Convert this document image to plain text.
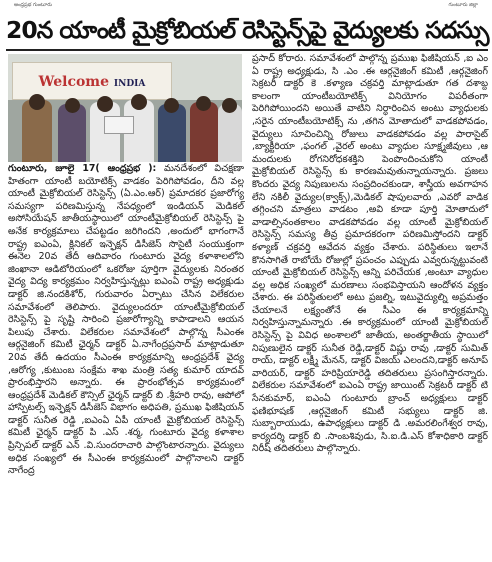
ఆంధ్రప్రభ గుంటూరు	గుంటూరు జిల్లా
20న యాంటీ మైక్రోబియల్ రెసిస్టెన్స్‌పై వైద్యులకు సదస్సు
Welcome INDIA

గుంటూరు, జూలై 17( ఆంధ్రప్రభ ): మనదేశంలో విచక్షణా హితంగా యాంటీ బయోటిక్స్ వాడకం పెరిగిపోవడం, దీని వల్ల యాంటీ మైక్రోబియల్ రెసిస్టెన్స్ (ఏ.ఎం.ఆర్) ప్రమాదకర ప్రజారోగ్య సమస్యగా పరిణమిస్తున్న నేపధ్యంలో ఇండియన్ మెడికల్ అసోసియేషన్ జాతీయస్థాయిలో యాంటీమైక్రోబియల్ రెసిస్టెన్స్ పై అనేక కార్యక్రమాలు చేపట్టడం జరిగిందని ,అందులో భాగంగానే రాష్ట్ర ఐఎంఏ, క్లినికల్ ఇన్ఫెక్షన్ డిసీజెస్ సొసైటీ సంయుక్తంగా ఈనెల 20వ తేదీ ఆదివారం గుంటూరు వైద్య కళాశాలలోని జింఖానా ఆడిటోరియంలో ఒకరోజు పూర్తిగా వైద్యులకు నిరంతర వైద్య విద్య కార్యక్రమం నిర్వహిస్తున్నట్లు ఐఎంఏ రాష్ట్ర అధ్యక్షుడు డాక్టర్ జి.నందకిశోర్, గురువారం ఏర్పాటు చేసిన విలేకరుల సమావేశంలో తెలిపారు. వైద్యులందరూ యాంటీమైక్రోబియల్ రెసిస్టెన్స్ పై సృష్టి సారించి ప్రజారోగ్యాన్ని కాపాడాలని ఆయన పిలుపు చేశారు. విలేకరుల సమావేశంలో పాల్గొన్న సీఎంఈ ఆర్గనైజింగ్ కమిటీ ఛైర్మన్ డాక్టర్ ఏ.నాగేంద్రప్రసాద్ మాట్లాడుతూ 20వ తేదీ ఉదయం సీఎంఈ కార్యక్రమాన్ని ఆంధ్రప్రదేశ్ వైద్య ,ఆరోగ్య ,కుటుంబ సంక్షేమ శాఖ మంత్రి సత్య కుమార్ యాదవ్ ప్రారంభిస్తారని అన్నారు. ఈ ప్రారంభోత్సవ కార్యక్రమంలో ఆంధ్రప్రదేశ్ మెడికల్ కౌన్సిల్ ఛైర్మన్ డాక్టర్ బి .శ్రీహరి రావు, ఆపోలో హాస్పిటల్స్ ఇన్ఫెక్షన్ డిసీజెస్ విభాగం అధిపతి, ప్రముఖ ఫిజీషియన్ డాక్టర్ సునీత రెడ్డి ,ఐఎంఏ ఏపీ యాంటీ మైక్రోబియల్ రెసిస్టెన్స్ కమిటీ ఛైర్మన్ డాక్టర్ పి .ఎస్ .శర్మ, గుంటూరు వైద్య కళాశాల ప్రిన్సిపల్ డాక్టర్ ఎన్ .వి.సుందరాచారి పాల్గొంటారన్నారు. వైద్యులు అధిక సంఖ్యలో ఈ సీఎంఈ కార్యక్రమంలో పాల్గొనాలని డాక్టర్ నాగేంద్ర

ప్రసాద్ కోరారు. సమావేశంలో పాల్గొన్న ప్రముఖ ఫిజీషియన్ ,ఐ ఎం ఏ రాష్ట్ర అధ్యక్షుడు, సి .ఎం .ఈ ఆర్గనైజింగ్ కమిటీ ,ఆర్గనైజింగ్ సెక్రటరీ డాక్టర్ కె .కళ్యాణ చక్రవర్తి మాట్లాడుతూ గత దశాబ్ద కాలంగా యాంటీబయోటిక్స్ వినియోగం విపరీతంగా పెరిగిపోయిందని అయితే వాటిని నిర్ధారించిన అంటు వ్యాధులకు ,సరైన యాంటీబయోటిక్స్ ను ,తగిన మోతాదులో వాడకపోవడం, వైద్యులు సూచించిన్ని రోజులు వాడకపోవడం వల్ల పారాసైట్ ,బ్యాక్టీరియా ,ఫంగల్ ,వైరల్ అంటు వ్యాధుల సూక్ష్మజీవులు ,ఆ మందులకు రోగనిరోధకశక్తిని పెంపొందించుకోని యాంటీ మైక్రోబియల్ రెసిస్టెన్స్ కు కారణమవుతున్నాయన్నారు. ప్రజలు కొందరు వైద్య నిపుణులను సంప్రదించకుండా, శాస్త్రీయ అవగాహన లేని నకిలీ వైద్యుల(క్వాక్స్),మెడికల్ షాపులవారు ,ఎవరో వాడిక తగ్గించని మాత్రలు వాడటం ,అవి కూడా పూర్తి మోతాదులో వాడాల్సినంతకాలం వాడకపోవడం వల్ల యాంటీ మైక్రోబియల్ రెసిస్టెన్స్ సమస్య తీవ్ర ప్రమాదకరంగా పరిణమిస్తోందని డాక్టర్ కళ్యాణ్ చక్రవర్తి ఆవేదన వ్యక్తం చేశారు. పరిస్థితులు ఇలానే కొనసాగితే రాబోయే రోజుల్లో ప్రపంచం ఎప్పుడు ఎవ్వరున్నట్టువంటి యాంటీ మైక్రోబియల్ రెసిస్టెన్స్ ఆన్ని పరిచేయక ,అంటూ వ్యాధుల వల్ల అధిక సంఖ్యలో మరణాలు సంభవిస్తాయని ఆందోళన వ్యక్తం చేశారు. ఈ పరిస్థితులలో అటు ప్రజల్ని, ఇటువైద్యుల్ని అప్రమత్తం చేయాలనే లక్ష్యంతోనే ఈ సీఎం ఈ కార్యక్రమాన్ని నిర్వహిస్తున్నామన్నారు .ఈ కార్యక్రమంలో యాంటీ మైక్రోబియల్ రెసిస్టెన్స్ పై వివిధ అంశాలలో జాతీయ, అంతర్జాతీయ స్థాయిలో నిపుణులైన డాక్టర్ సునీత రెడ్డి,డాక్టర్ విష్ణు రావు ,డాక్టర్ సుమిత్ రాయ్, డాక్టర్ లక్ష్మీ మేనన్, డాక్టర్ విజయ్ ఎలందని,డాక్టర్ అనూప్ వారియర్, డాక్టర్ హరిప్రియారెడ్డి తదితరులు ప్రసంగిస్తారన్నారు. విలేకరుల సమావేశంలో ఐఎంఏ రాష్ట్ర జాయింట్ సెక్రటరీ డాక్టర్ టి సేనకుమార్, ఐఎంఏ గుంటూరు బ్రాంచ్ అధ్యక్షులు డాక్టర్ ఫణిభూషణ్ ,ఆర్గనైజింగ్ కమిటీ సభ్యులు డాక్టర్ జి. సుబ్బారాయుడు, ఉపాధ్యక్షులు డాక్టర్ డి .అమరలింగేశ్వర రావు, కార్యదర్శి డాక్టర్ బి .సాంబశివుడు, సి.ఐ.డి.ఎస్ కోశాధికారి డాక్టర్ నిరీష్ తదితరులు పాల్గొన్నారు.
